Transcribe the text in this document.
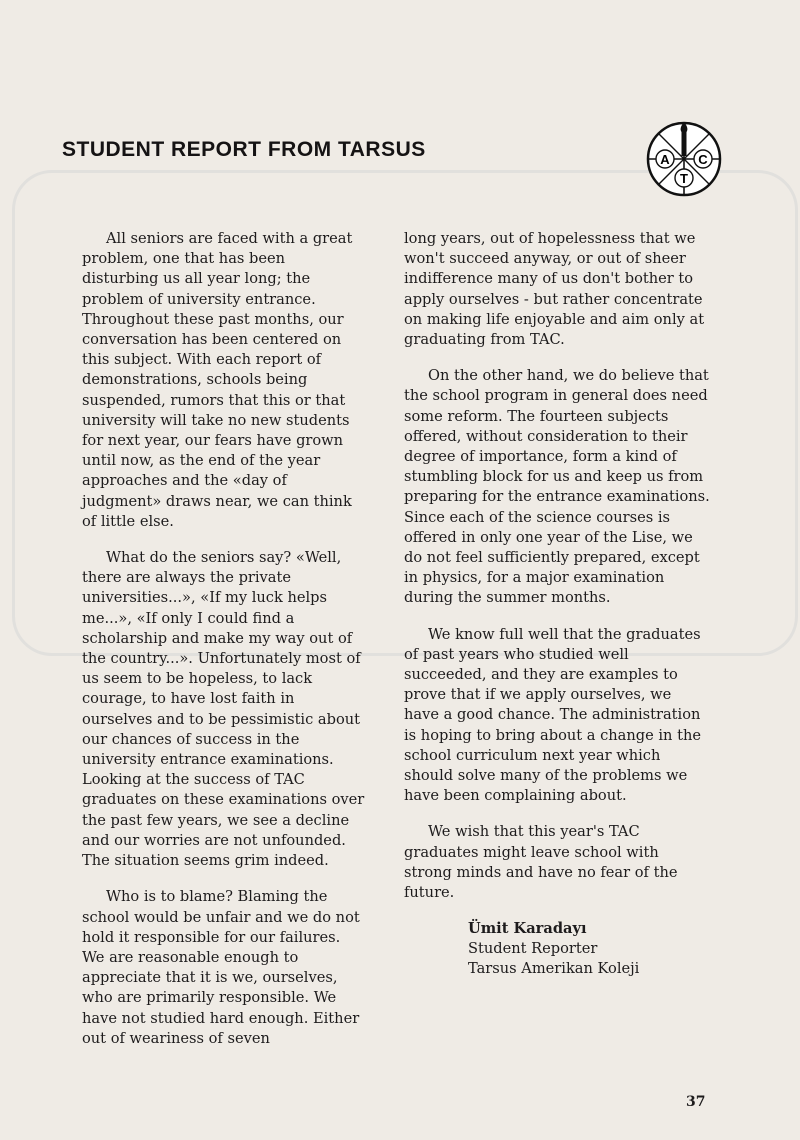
STUDENT REPORT FROM TARSUS	A C
T

All seniors are faced with a great problem, one that has been disturbing us all year long; the problem of university entrance. Throughout these past months, our conversation has been centered on this subject. With each report of demonstrations, schools being suspended, rumors that this or that university will take no new students for next year, our fears have grown until now, as the end of the year approaches and the «day of judgment» draws near, we can think of little else.

What do the seniors say? «Well, there are always the private universities...», «If my luck helps me...», «If only I could find a scholarship and make my way out of the country...». Unfortunately most of us seem to be hopeless, to lack courage, to have lost faith in ourselves and to be pessimistic about our chances of success in the university entrance examinations. Looking at the success of TAC graduates on these examinations over the past few years, we see a decline and our worries are not unfounded. The situation seems grim indeed.

Who is to blame? Blaming the school would be unfair and we do not hold it responsible for our failures. We are reasonable enough to appreciate that it is we, ourselves, who are primarily responsible. We have not studied hard enough. Either out of weariness of seven

long years, out of hopelessness that we won't succeed anyway, or out of sheer indifference many of us don't bother to apply ourselves - but rather concentrate on making life enjoyable and aim only at graduating from TAC.

On the other hand, we do believe that the school program in general does need some reform. The fourteen subjects offered, without consideration to their degree of importance, form a kind of stumbling block for us and keep us from preparing for the entrance examinations. Since each of the science courses is offered in only one year of the Lise, we do not feel sufficiently prepared, except in physics, for a major examination during the summer months.

We know full well that the graduates of past years who studied well succeeded, and they are examples to prove that if we apply ourselves, we have a good chance. The administration is hoping to bring about a change in the school curriculum next year which should solve many of the problems we have been complaining about.

We wish that this year's TAC graduates might leave school with strong minds and have no fear of the future.

Ümit Karadayı
Student Reporter
Tarsus Amerikan Koleji
37
